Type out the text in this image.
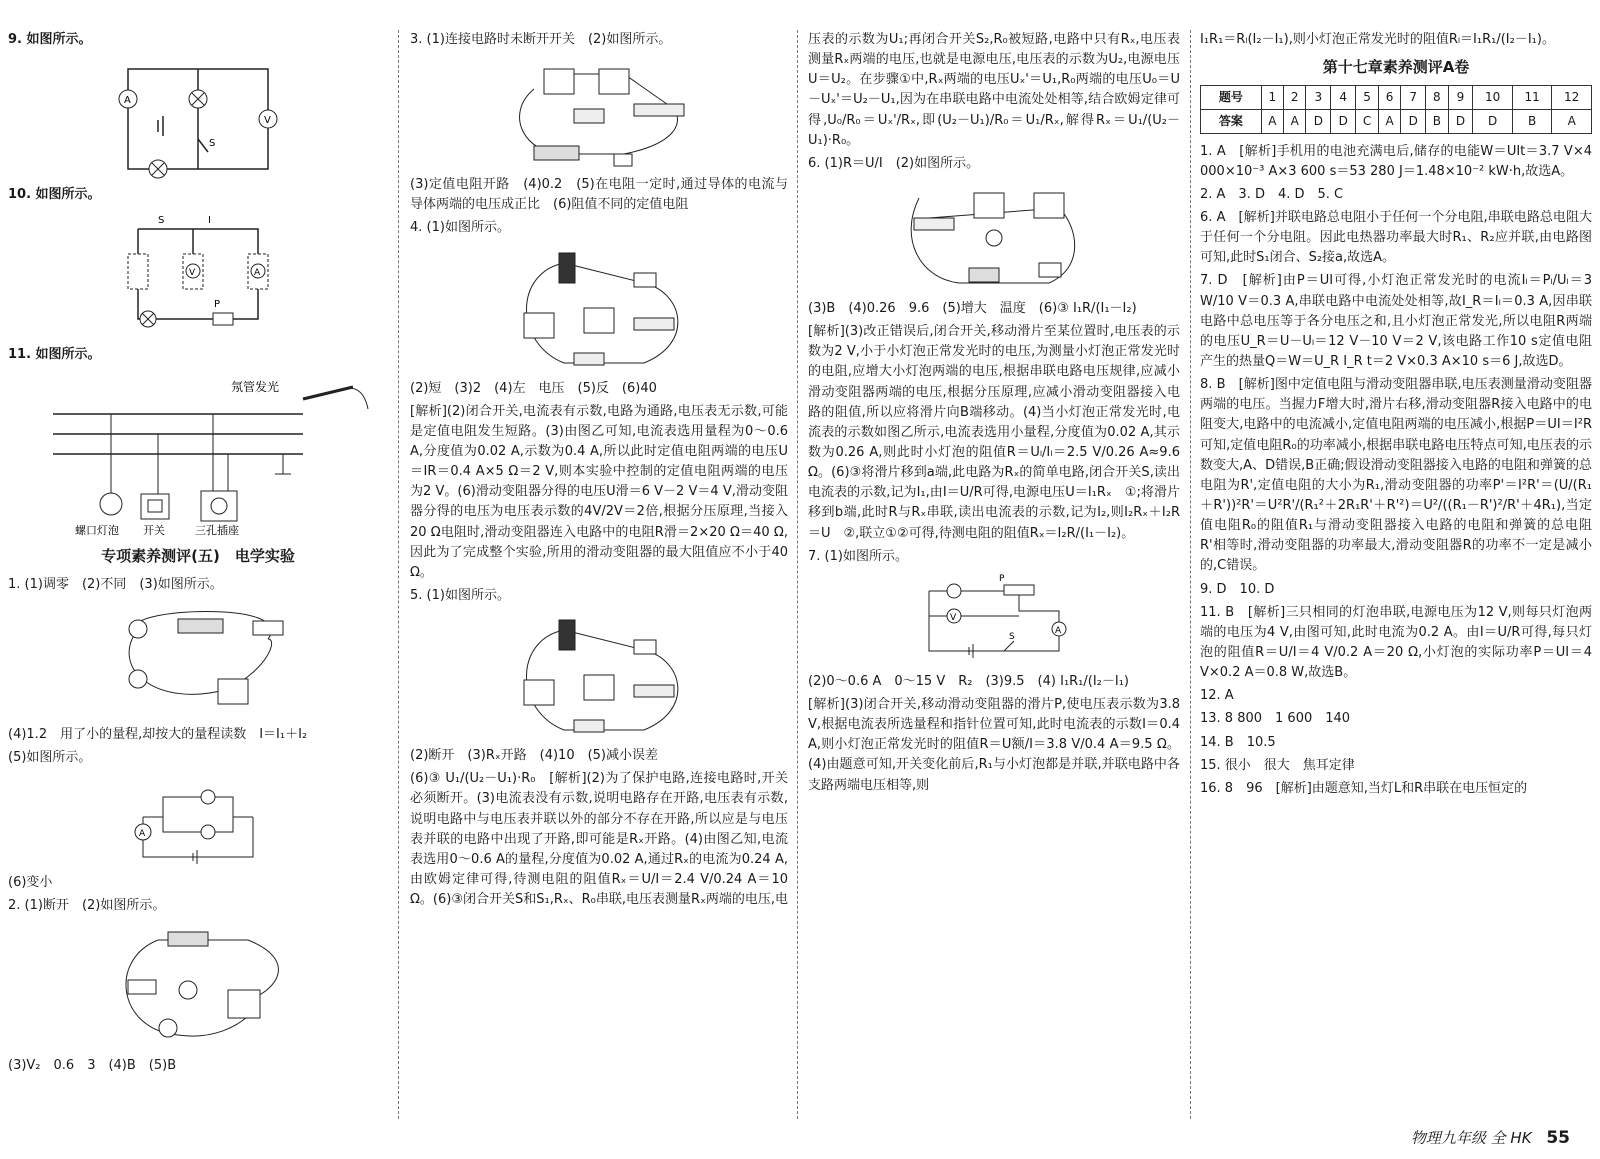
9. 如图所示。

A
V
S

10. 如图所示。

S	I
V	A
P

11. 如图所示。

氖管发光
螺口灯泡 开关	三孔插座
专项素养测评(五)　电学实验

1. (1)调零　(2)不同　(3)如图所示。

(4)1.2　用了小的量程,却按大的量程读数　I＝I₁＋I₂

(5)如图所示。

A

(6)变小

2. (1)断开　(2)如图所示。

(3)V₂　0.6　3　(4)B　(5)B

3. (1)连接电路时未断开开关　(2)如图所示。

(3)定值电阻开路　(4)0.2　(5)在电阻一定时,通过导体的电流与导体两端的电压成正比　(6)阻值不同的定值电阻

4. (1)如图所示。

(2)短　(3)2　(4)左　电压　(5)反　(6)40

[解析](2)闭合开关,电流表有示数,电路为通路,电压表无示数,可能是定值电阻发生短路。(3)由图乙可知,电流表选用量程为0～0.6 A,分度值为0.02 A,示数为0.4 A,所以此时定值电阻两端的电压U＝IR＝0.4 A×5 Ω＝2 V,则本实验中控制的定值电阻两端的电压为2 V。(6)滑动变阻器分得的电压U滑＝6 V－2 V＝4 V,滑动变阻器分得的电压为电压表示数的4V/2V＝2倍,根据分压原理,当接入20 Ω电阻时,滑动变阻器连入电路中的电阻R滑＝2×20 Ω＝40 Ω,因此为了完成整个实验,所用的滑动变阻器的最大阻值应不小于40 Ω。

5. (1)如图所示。

(2)断开　(3)Rₓ开路　(4)10　(5)减小误差

(6)③ U₁/(U₂－U₁)·R₀　[解析](2)为了保护电路,连接电路时,开关必须断开。(3)电流表没有示数,说明电路存在开路,电压表有示数,说明电路中与电压表并联以外的部分不存在开路,所以应是与电压表并联的电路中出现了开路,即可能是Rₓ开路。(4)由图乙知,电流表选用0～0.6 A的量程,分度值为0.02 A,通过Rₓ的电流为0.24 A,由欧姆定律可得,待测电阻的阻值Rₓ＝U/I＝2.4 V/0.24 A＝10 Ω。(6)③闭合开关S和S₁,Rₓ、R₀串联,电压表测量Rₓ两端的电压,电

压表的示数为U₁;再闭合开关S₂,R₀被短路,电路中只有Rₓ,电压表测量Rₓ两端的电压,也就是电源电压,电压表的示数为U₂,电源电压U＝U₂。在步骤①中,Rₓ两端的电压Uₓ'＝U₁,R₀两端的电压U₀＝U－Uₓ'＝U₂－U₁,因为在串联电路中电流处处相等,结合欧姆定律可得,U₀/R₀＝Uₓ'/Rₓ,即(U₂－U₁)/R₀＝U₁/Rₓ,解得Rₓ＝U₁/(U₂－U₁)·R₀。

6. (1)R＝U/I　(2)如图所示。

(3)B　(4)0.26　9.6　(5)增大　温度　(6)③ I₁R/(I₁－I₂)

[解析](3)改正错误后,闭合开关,移动滑片至某位置时,电压表的示数为2 V,小于小灯泡正常发光时的电压,为测量小灯泡正常发光时的电阻,应增大小灯泡两端的电压,根据串联电路电压规律,应减小滑动变阻器两端的电压,根据分压原理,应减小滑动变阻器接入电路的阻值,所以应将滑片向B端移动。(4)当小灯泡正常发光时,电流表的示数如图乙所示,电流表选用小量程,分度值为0.02 A,其示数为0.26 A,则此时小灯泡的阻值R＝Uₗ/Iₗ＝2.5 V/0.26 A≈9.6 Ω。(6)③将滑片移到a端,此电路为Rₓ的简单电路,闭合开关S,读出电流表的示数,记为I₁,由I＝U/R可得,电源电压U＝I₁Rₓ　①;将滑片移到b端,此时R与Rₓ串联,读出电流表的示数,记为I₂,则I₂Rₓ＋I₂R＝U　②,联立①②可得,待测电阻的阻值Rₓ＝I₂R/(I₁－I₂)。

7. (1)如图所示。

V
P
A
S

(2)0～0.6 A　0～15 V　R₂　(3)9.5　(4) I₁R₁/(I₂－I₁)

[解析](3)闭合开关,移动滑动变阻器的滑片P,使电压表示数为3.8 V,根据电流表所选量程和指针位置可知,此时电流表的示数I＝0.4 A,则小灯泡正常发光时的阻值R＝U额/I＝3.8 V/0.4 A＝9.5 Ω。(4)由题意可知,开关变化前后,R₁与小灯泡都是并联,并联电路中各支路两端电压相等,则

I₁R₁＝Rₗ(I₂－I₁),则小灯泡正常发光时的阻值Rₗ＝I₁R₁/(I₂－I₁)。

第十七章素养测评A卷
题号	1	2	3	4	5	6	7	8	9	10	11	12
答案	A	A	D	D	C	A	D	B	D	D	B	A

1. A　[解析]手机用的电池充满电后,储存的电能W＝UIt＝3.7 V×4 000×10⁻³ A×3 600 s＝53 280 J＝1.48×10⁻² kW·h,故选A。

2. A　3. D　4. D　5. C

6. A　[解析]并联电路总电阻小于任何一个分电阻,串联电路总电阻大于任何一个分电阻。因此电热器功率最大时R₁、R₂应并联,由电路图可知,此时S₁闭合、S₂接a,故选A。

7. D　[解析]由P＝UI可得,小灯泡正常发光时的电流Iₗ＝Pₗ/Uₗ＝3 W/10 V＝0.3 A,串联电路中电流处处相等,故I_R＝Iₗ＝0.3 A,因串联电路中总电压等于各分电压之和,且小灯泡正常发光,所以电阻R两端的电压U_R＝U－Uₗ＝12 V－10 V＝2 V,该电路工作10 s定值电阻产生的热量Q＝W＝U_R I_R t＝2 V×0.3 A×10 s＝6 J,故选D。

8. B　[解析]图中定值电阻与滑动变阻器串联,电压表测量滑动变阻器两端的电压。当握力F增大时,滑片右移,滑动变阻器R接入电路中的电阻变大,电路中的电流减小,定值电阻两端的电压减小,根据P＝UI＝I²R可知,定值电阻R₀的功率减小,根据串联电路电压特点可知,电压表的示数变大,A、D错误,B正确;假设滑动变阻器接入电路的电阻和弹簧的总电阻为R',定值电阻的大小为R₁,滑动变阻器的功率P'＝I²R'＝(U/(R₁＋R'))²R'＝U²R'/(R₁²＋2R₁R'＋R'²)＝U²/((R₁－R')²/R'＋4R₁),当定值电阻R₀的阻值R₁与滑动变阻器接入电路的电阻和弹簧的总电阻R'相等时,滑动变阻器的功率最大,滑动变阻器R的功率不一定是减小的,C错误。

9. D　10. D

11. B　[解析]三只相同的灯泡串联,电源电压为12 V,则每只灯泡两端的电压为4 V,由图可知,此时电流为0.2 A。由I＝U/R可得,每只灯泡的阻值R＝U/I＝4 V/0.2 A＝20 Ω,小灯泡的实际功率P＝UI＝4 V×0.2 A＝0.8 W,故选B。

12. A

13. 8 800　1 600　140

14. B　10.5

15. 很小　很大　焦耳定律

16. 8　96　[解析]由题意知,当灯L和R串联在电压恒定的

物理九年级 全 HK 55
